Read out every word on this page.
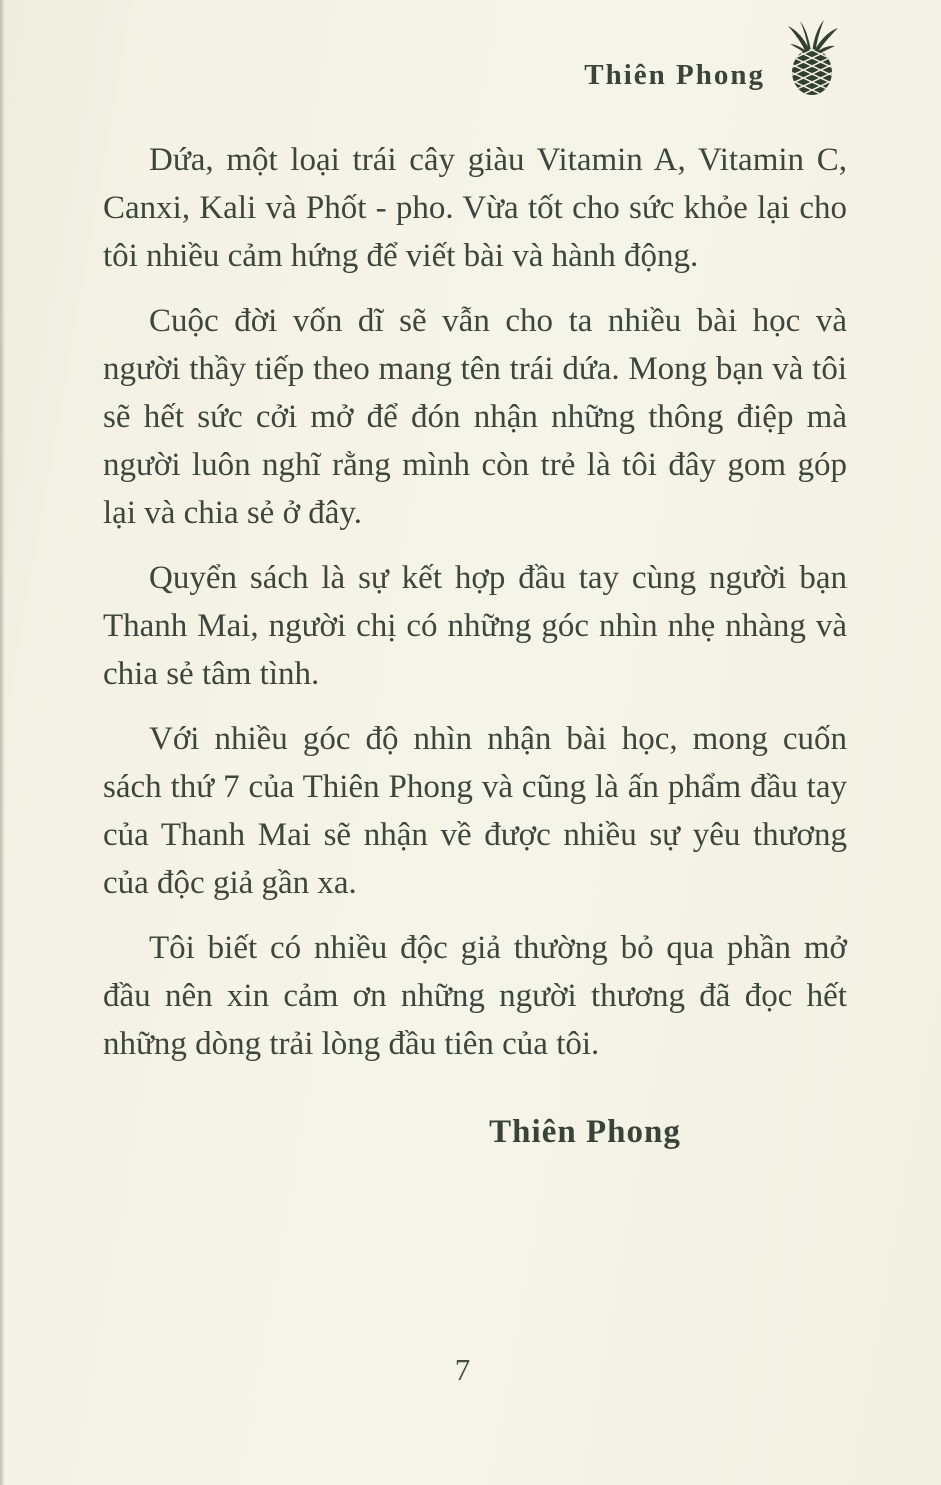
Thiên Phong

Dứa, một loại trái cây giàu Vitamin A, Vitamin C, Canxi, Kali và Phốt - pho. Vừa tốt cho sức khỏe lại cho tôi nhiều cảm hứng để viết bài và hành động.

Cuộc đời vốn dĩ sẽ vẫn cho ta nhiều bài học và người thầy tiếp theo mang tên trái dứa. Mong bạn và tôi sẽ hết sức cởi mở để đón nhận những thông điệp mà người luôn nghĩ rằng mình còn trẻ là tôi đây gom góp lại và chia sẻ ở đây.

Quyển sách là sự kết hợp đầu tay cùng người bạn Thanh Mai, người chị có những góc nhìn nhẹ nhàng và chia sẻ tâm tình.

Với nhiều góc độ nhìn nhận bài học, mong cuốn sách thứ 7 của Thiên Phong và cũng là ấn phẩm đầu tay của Thanh Mai sẽ nhận về được nhiều sự yêu thương của độc giả gần xa.

Tôi biết có nhiều độc giả thường bỏ qua phần mở đầu nên xin cảm ơn những người thương đã đọc hết những dòng trải lòng đầu tiên của tôi.

Thiên Phong
7
